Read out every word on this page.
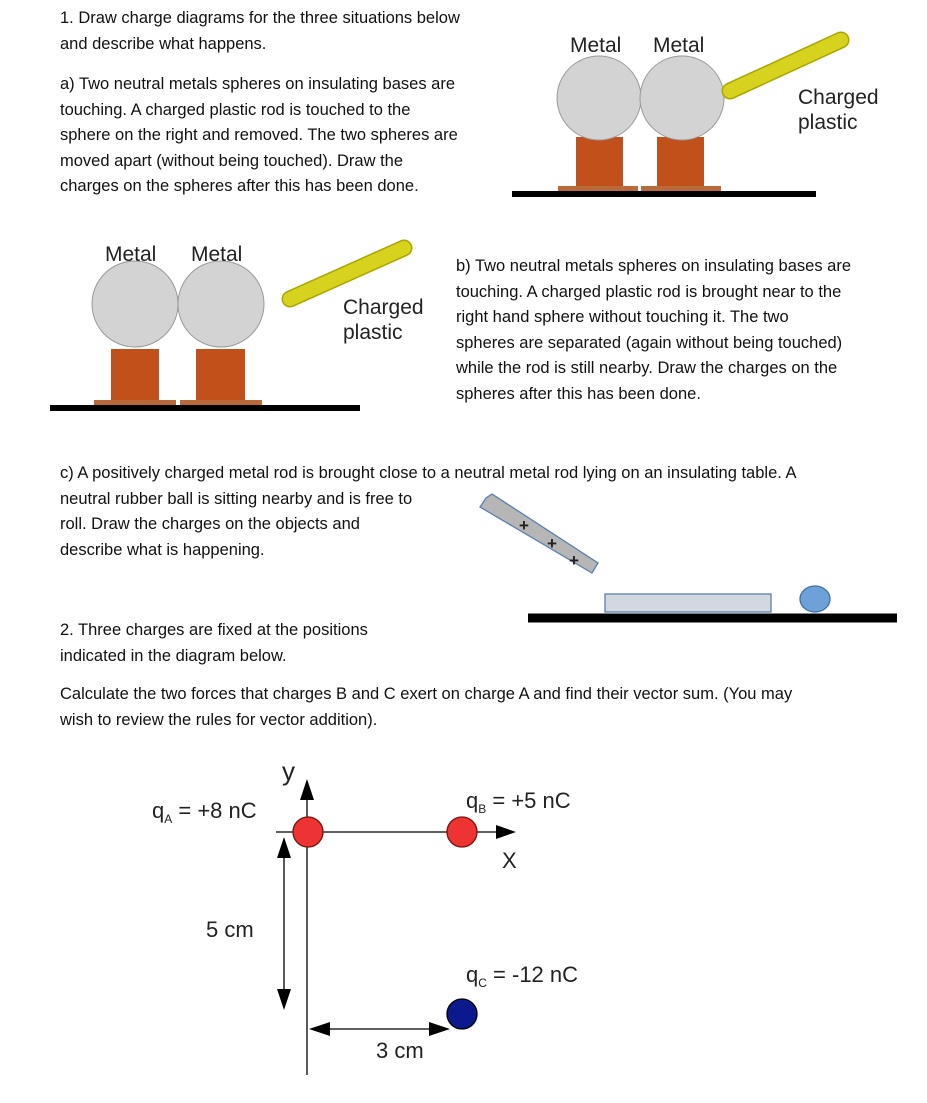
1. Draw charge diagrams for the three situations below
and describe what happens.
a) Two neutral metals spheres on insulating bases are
touching. A charged plastic rod is touched to the
sphere on the right and removed. The two spheres are
moved apart (without being touched). Draw the
charges on the spheres after this has been done.
b) Two neutral metals spheres on insulating bases are
touching. A charged plastic rod is brought near to the
right hand sphere without touching it. The two
spheres are separated (again without being touched)
while the rod is still nearby. Draw the charges on the
spheres after this has been done.
c) A positively charged metal rod is brought close to a neutral metal rod lying on an insulating table. A
neutral rubber ball is sitting nearby and is free to
roll. Draw the charges on the objects and
describe what is happening.
2. Three charges are fixed at the positions
indicated in the diagram below.
Calculate the two forces that charges B and C exert on charge A and find their vector sum. (You may
wish to review the rules for vector addition).
Metal Metal
Charged
plastic
Metal Metal
Charged
plastic
+
+
+
y
X
5 cm
3 cm
$q_A = +8$ nC	$q_B = +5$ nC
$q_C = -12$ nC
